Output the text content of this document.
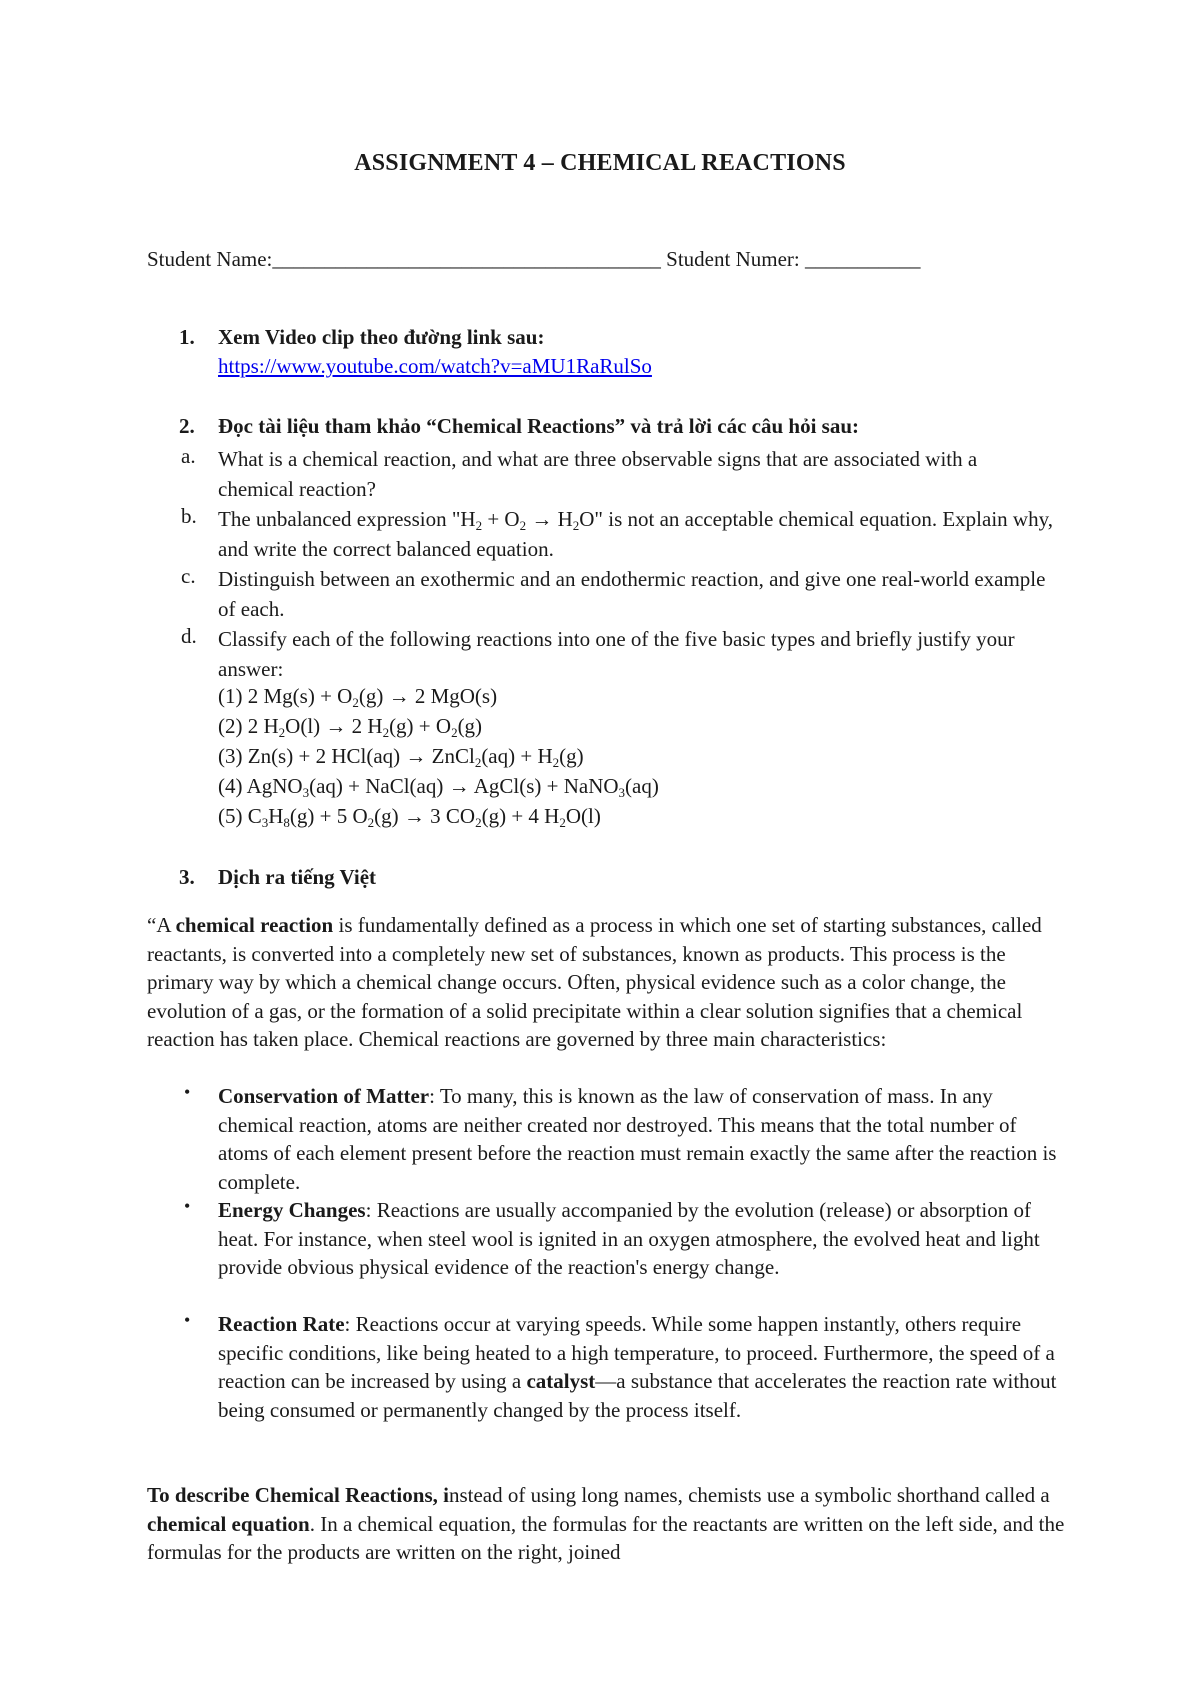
ASSIGNMENT 4 – CHEMICAL REACTIONS
Student Name:_____________________________________ Student Numer: ___________
1. Xem Video clip theo đường link sau:
https://www.youtube.com/watch?v=aMU1RaRulSo
2. Đọc tài liệu tham khảo “Chemical Reactions” và trả lời các câu hỏi sau:
a. What is a chemical reaction, and what are three observable signs that are associated with a chemical reaction?
b. The unbalanced expression "$H_2 + O_2 \to H_2O$" is not an acceptable chemical equation. Explain why, and write the correct balanced equation.
c. Distinguish between an exothermic and an endothermic reaction, and give one real-world example of each.
d. Classify each of the following reactions into one of the five basic types and briefly justify your answer:
(1) 2 $Mg(s) + O_2(g) \to 2$ MgO(s)
(2) 2 $H_2O(l) \to 2$ $H_2(g) + O_2(g)$
(3) Zn(s) + 2 HCl(aq) → ZnCl$_2$(aq) + $H_2(g)$
(4) AgNO$_3$(aq) + NaCl(aq) → AgCl(s) + NaNO$_3$(aq)
(5) $C_3H_8(g) + 5$ $O_2(g) \to 3$ $CO_2(g) + 4$ $H_2O(l)$
3. Dịch ra tiếng Việt
“A chemical reaction is fundamentally defined as a process in which one set of starting substances, called reactants, is converted into a completely new set of substances, known as products. This process is the primary way by which a chemical change occurs. Often, physical evidence such as a color change, the evolution of a gas, or the formation of a solid precipitate within a clear solution signifies that a chemical reaction has taken place. Chemical reactions are governed by three main characteristics:
• Conservation of Matter: To many, this is known as the law of conservation of mass. In any chemical reaction, atoms are neither created nor destroyed. This means that the total number of atoms of each element present before the reaction must remain exactly the same after the reaction is complete.
• Energy Changes: Reactions are usually accompanied by the evolution (release) or absorption of heat. For instance, when steel wool is ignited in an oxygen atmosphere, the evolved heat and light provide obvious physical evidence of the reaction's energy change.
• Reaction Rate: Reactions occur at varying speeds. While some happen instantly, others require specific conditions, like being heated to a high temperature, to proceed. Furthermore, the speed of a reaction can be increased by using a catalyst—a substance that accelerates the reaction rate without being consumed or permanently changed by the process itself.
To describe Chemical Reactions, instead of using long names, chemists use a symbolic shorthand called a chemical equation. In a chemical equation, the formulas for the reactants are written on the left side, and the formulas for the products are written on the right, joined
